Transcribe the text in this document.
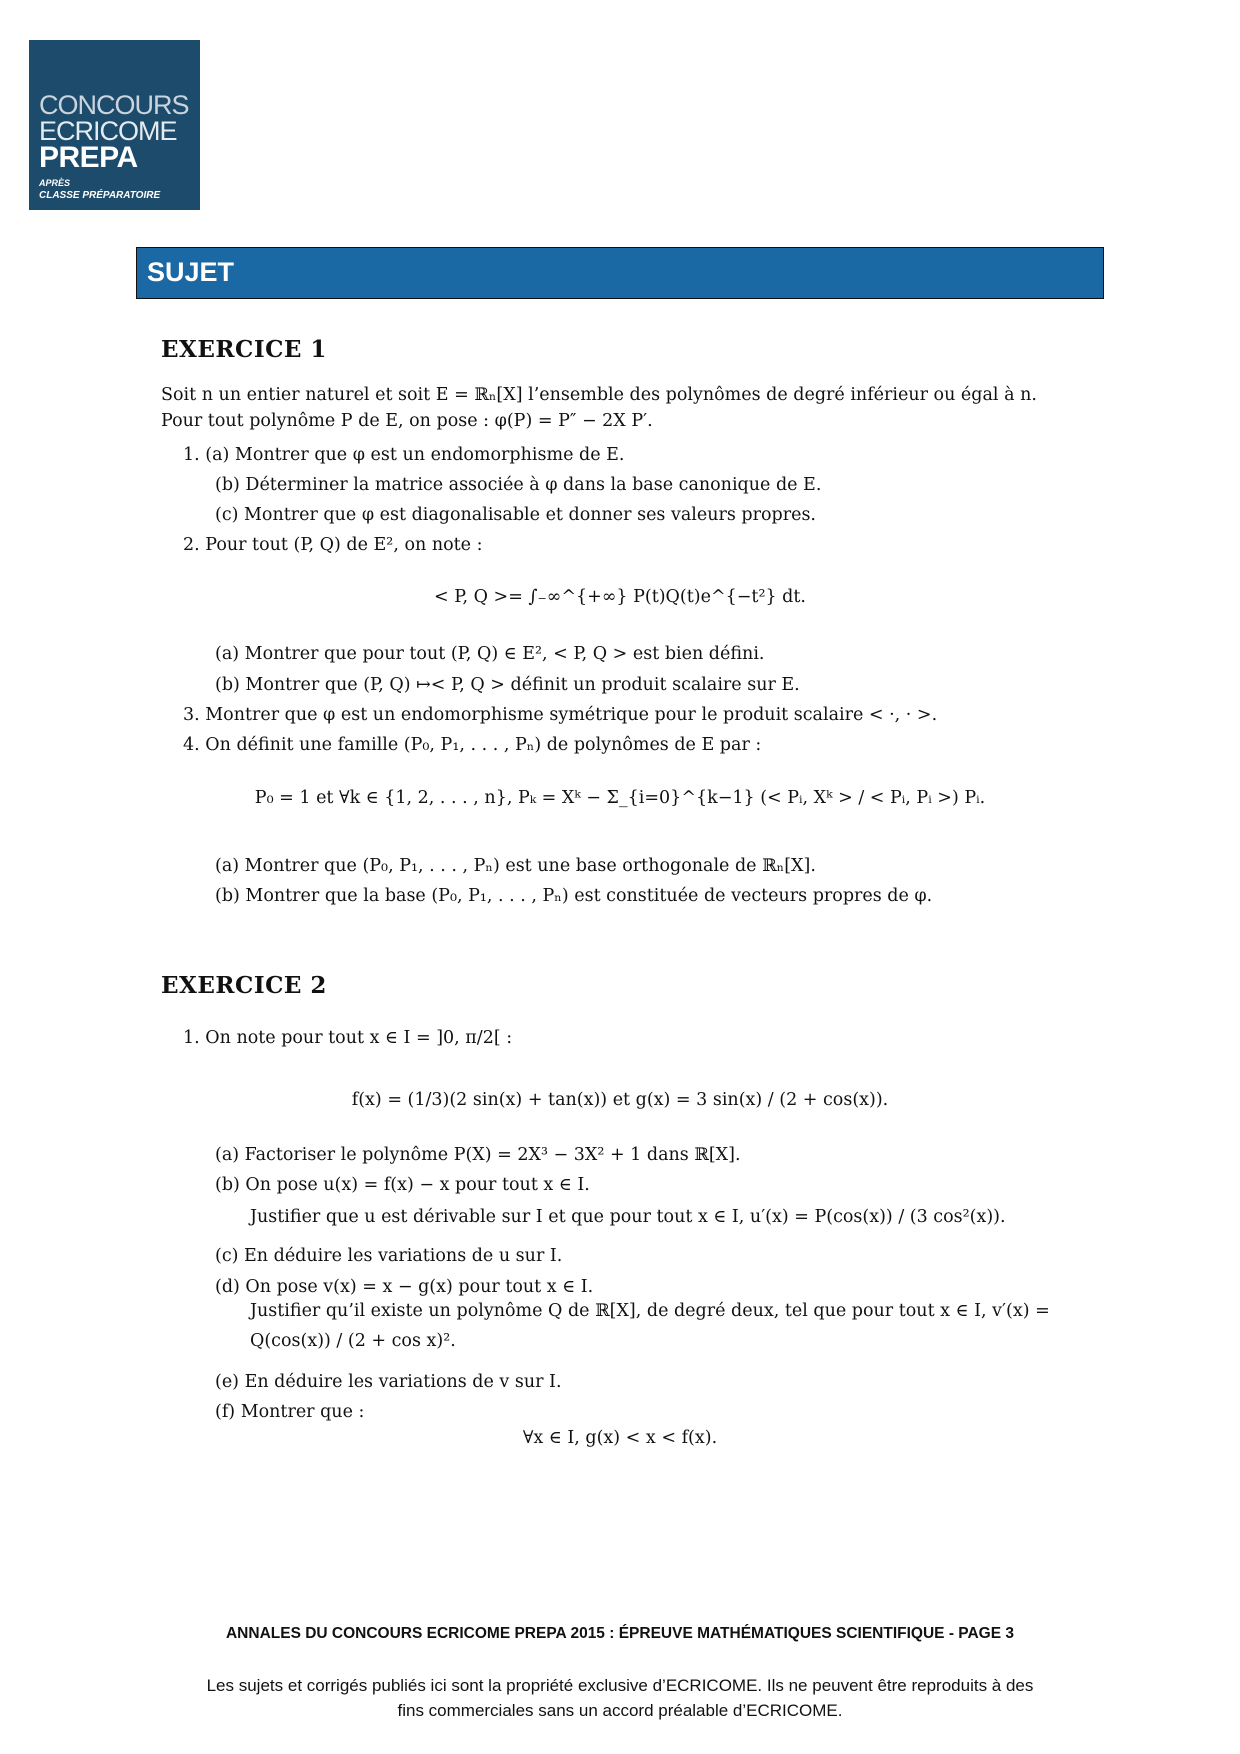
CONCOURS
ECRICOME
PREPA
APRÈS
CLASSE PRÉPARATOIRE
SUJET
EXERCICE 1
Soit n un entier naturel et soit E = ℝₙ[X] l’ensemble des polynômes de degré inférieur ou égal à n.
Pour tout polynôme P de E, on pose : φ(P) = P″ − 2X P′.
1. (a) Montrer que φ est un endomorphisme de E.
(b) Déterminer la matrice associée à φ dans la base canonique de E.
(c) Montrer que φ est diagonalisable et donner ses valeurs propres.
2. Pour tout (P, Q) de E², on note :
< P, Q >= ∫₋∞^{+∞} P(t)Q(t)e^{−t²} dt.
(a) Montrer que pour tout (P, Q) ∈ E², < P, Q > est bien défini.
(b) Montrer que (P, Q) ↦< P, Q > définit un produit scalaire sur E.
3. Montrer que φ est un endomorphisme symétrique pour le produit scalaire < ·, · >.
4. On définit une famille (P₀, P₁, . . . , Pₙ) de polynômes de E par :
P₀ = 1 et ∀k ∈ {1, 2, . . . , n}, Pₖ = Xᵏ − Σ_{i=0}^{k−1} (< Pᵢ, Xᵏ > / < Pᵢ, Pᵢ >) Pᵢ.
(a) Montrer que (P₀, P₁, . . . , Pₙ) est une base orthogonale de ℝₙ[X].
(b) Montrer que la base (P₀, P₁, . . . , Pₙ) est constituée de vecteurs propres de φ.
EXERCICE 2
1. On note pour tout x ∈ I = ]0, π/2[ :
f(x) = (1/3)(2 sin(x) + tan(x)) et g(x) = 3 sin(x) / (2 + cos(x)).
(a) Factoriser le polynôme P(X) = 2X³ − 3X² + 1 dans ℝ[X].
(b) On pose u(x) = f(x) − x pour tout x ∈ I.
Justifier que u est dérivable sur I et que pour tout x ∈ I, u′(x) = P(cos(x)) / (3 cos²(x)).
(c) En déduire les variations de u sur I.
(d) On pose v(x) = x − g(x) pour tout x ∈ I.
Justifier qu’il existe un polynôme Q de ℝ[X], de degré deux, tel que pour tout x ∈ I, v′(x) =
Q(cos(x)) / (2 + cos x)².
(e) En déduire les variations de v sur I.
(f) Montrer que :
∀x ∈ I, g(x) < x < f(x).
ANNALES DU CONCOURS ECRICOME PREPA 2015 : ÉPREUVE MATHÉMATIQUES SCIENTIFIQUE - PAGE 3
Les sujets et corrigés publiés ici sont la propriété exclusive d’ECRICOME. Ils ne peuvent être reproduits à des
fins commerciales sans un accord préalable d’ECRICOME.
